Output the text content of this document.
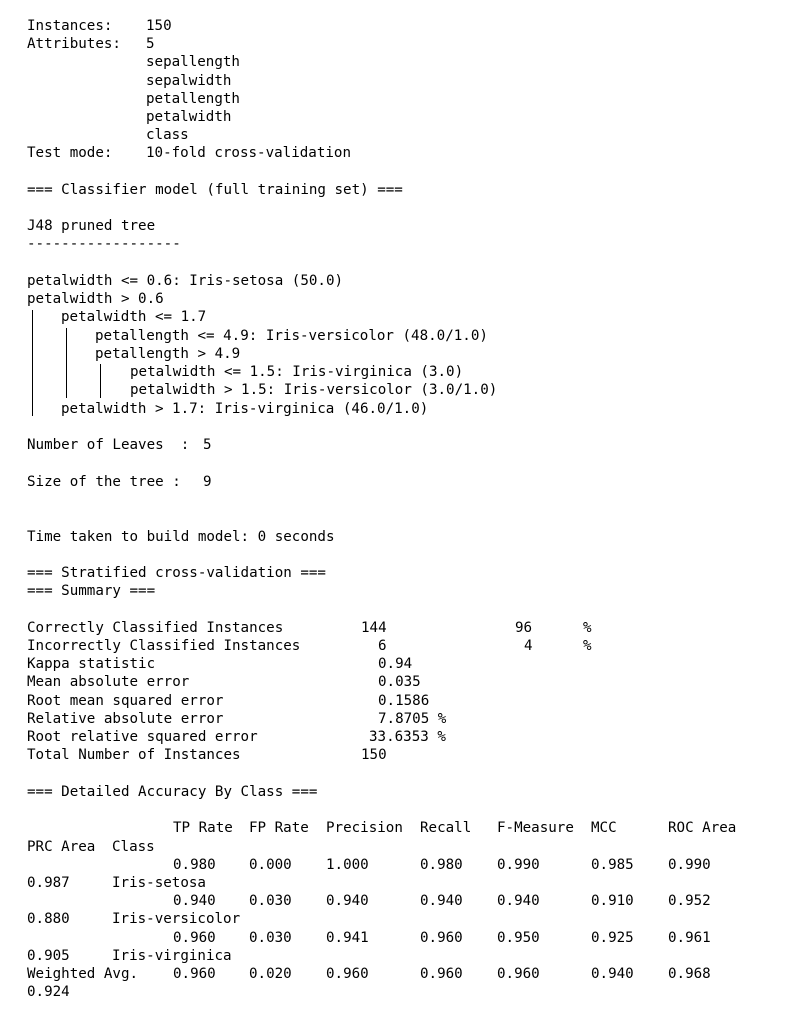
Instances: 150
Attributes: 5
sepallength
sepalwidth
petallength
petalwidth
class
Test mode: 10-fold cross-validation
=== Classifier model (full training set) ===
J48 pruned tree
------------------
petalwidth <= 0.6: Iris-setosa (50.0)
petalwidth > 0.6
petalwidth <= 1.7
petallength <= 4.9: Iris-versicolor (48.0/1.0)
petallength > 4.9
petalwidth <= 1.5: Iris-virginica (3.0)
petalwidth > 1.5: Iris-versicolor (3.0/1.0)
petalwidth > 1.7: Iris-virginica (46.0/1.0)
Number of Leaves  : 5
Size of the tree : 9
Time taken to build model: 0 seconds
=== Stratified cross-validation ===
=== Summary ===
Correctly Classified Instances	144	96	%
Incorrectly Classified Instances	6	4	%
Kappa statistic	0.94
Mean absolute error	0.035
Root mean squared error	0.1586
Relative absolute error	7.8705 %
Root relative squared error	33.6353 %
Total Number of Instances	150
=== Detailed Accuracy By Class ===
TP Rate FP Rate Precision Recall F-Measure MCC	ROC Area
PRC Area Class
0.980 0.000 1.000	0.980 0.990	0.985 0.990
0.987	Iris-setosa
0.940 0.030 0.940	0.940 0.940	0.910 0.952
0.880	Iris-versicolor
0.960 0.030 0.941	0.960 0.950	0.925 0.961
0.905	Iris-virginica
Weighted Avg. 0.960 0.020 0.960	0.960 0.960	0.940 0.968
0.924
